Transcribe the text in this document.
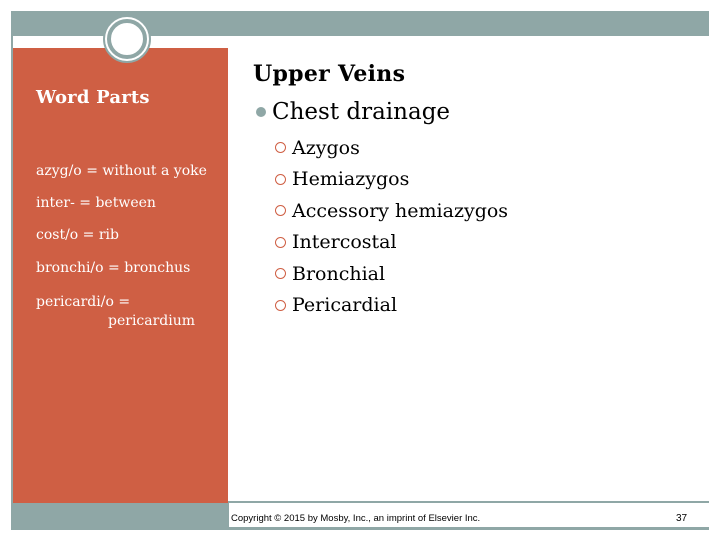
Word Parts
azyg/o = without a yoke
inter- = between
cost/o = rib
bronchi/o = bronchus
pericardi/o =
pericardium
Upper Veins
Chest drainage
Azygos
Hemiazygos
Accessory hemiazygos
Intercostal
Bronchial
Pericardial
Copyright © 2015 by Mosby, Inc., an imprint of Elsevier Inc.	37
